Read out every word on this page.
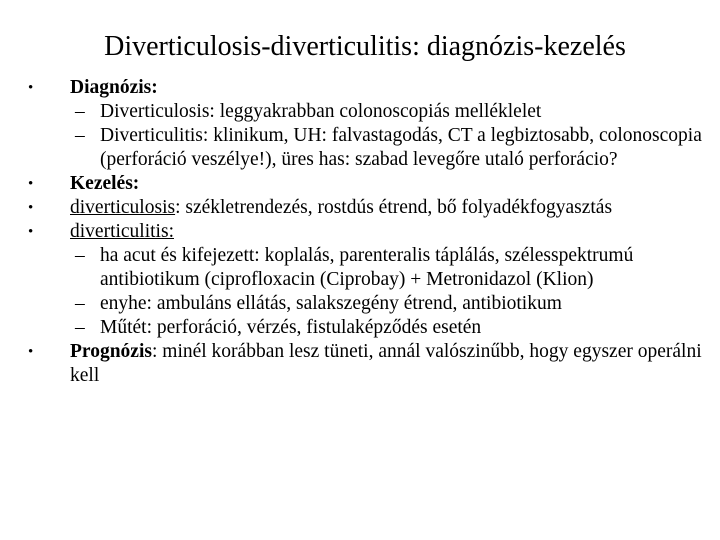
Diverticulosis-diverticulitis: diagnózis-kezelés
•	Diagnózis:
– Diverticulosis: leggyakrabban colonoscopiás melléklelet
– Diverticulitis: klinikum, UH: falvastagodás, CT a legbiztosabb, colonoscopia (perforáció veszélye!), üres has: szabad levegőre utaló perforácio?
•	Kezelés:
•	diverticulosis: székletrendezés, rostdús étrend, bő folyadékfogyasztás
•	diverticulitis:
– ha acut és kifejezett: koplalás, parenteralis táplálás, szélesspektrumú antibiotikum (ciprofloxacin (Ciprobay) + Metronidazol (Klion)
– enyhe: ambuláns ellátás, salakszegény étrend, antibiotikum
– Műtét: perforáció, vérzés, fistulaképződés esetén
•	Prognózis: minél korábban lesz tüneti, annál valószinűbb, hogy egyszer operálni kell
